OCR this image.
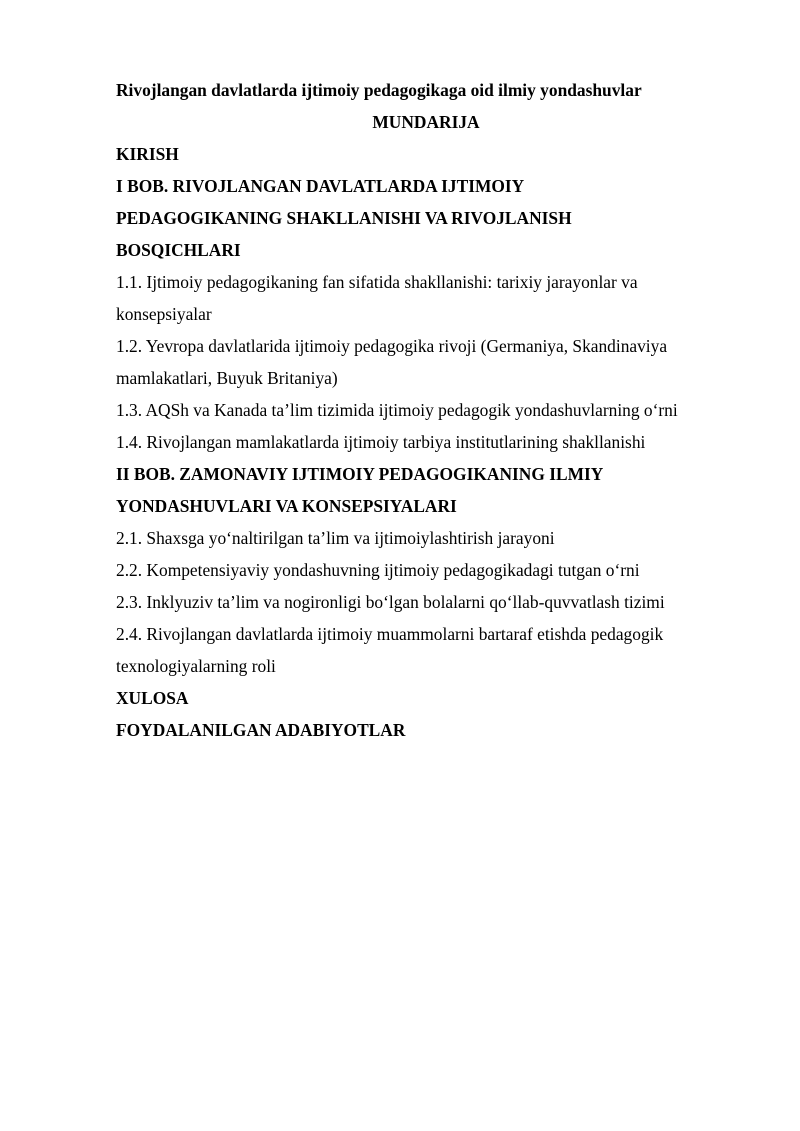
Rivojlangan davlatlarda ijtimoiy pedagogikaga oid ilmiy yondashuvlar

MUNDARIJA

KIRISH

I BOB. RIVOJLANGAN DAVLATLARDA IJTIMOIY

PEDAGOGIKANING SHAKLLANISHI VA RIVOJLANISH

BOSQICHLARI

1.1. Ijtimoiy pedagogikaning fan sifatida shakllanishi: tarixiy jarayonlar va

konsepsiyalar

1.2. Yevropa davlatlarida ijtimoiy pedagogika rivoji (Germaniya, Skandinaviya

mamlakatlari, Buyuk Britaniya)

1.3. AQSh va Kanada ta’lim tizimida ijtimoiy pedagogik yondashuvlarning o‘rni

1.4. Rivojlangan mamlakatlarda ijtimoiy tarbiya institutlarining shakllanishi

II BOB. ZAMONAVIY IJTIMOIY PEDAGOGIKANING ILMIY

YONDASHUVLARI VA KONSEPSIYALARI

2.1. Shaxsga yo‘naltirilgan ta’lim va ijtimoiylashtirish jarayoni

2.2. Kompetensiyaviy yondashuvning ijtimoiy pedagogikadagi tutgan o‘rni

2.3. Inklyuziv ta’lim va nogironligi bo‘lgan bolalarni qo‘llab-quvvatlash tizimi

2.4. Rivojlangan davlatlarda ijtimoiy muammolarni bartaraf etishda pedagogik

texnologiyalarning roli

XULOSA

FOYDALANILGAN ADABIYOTLAR
